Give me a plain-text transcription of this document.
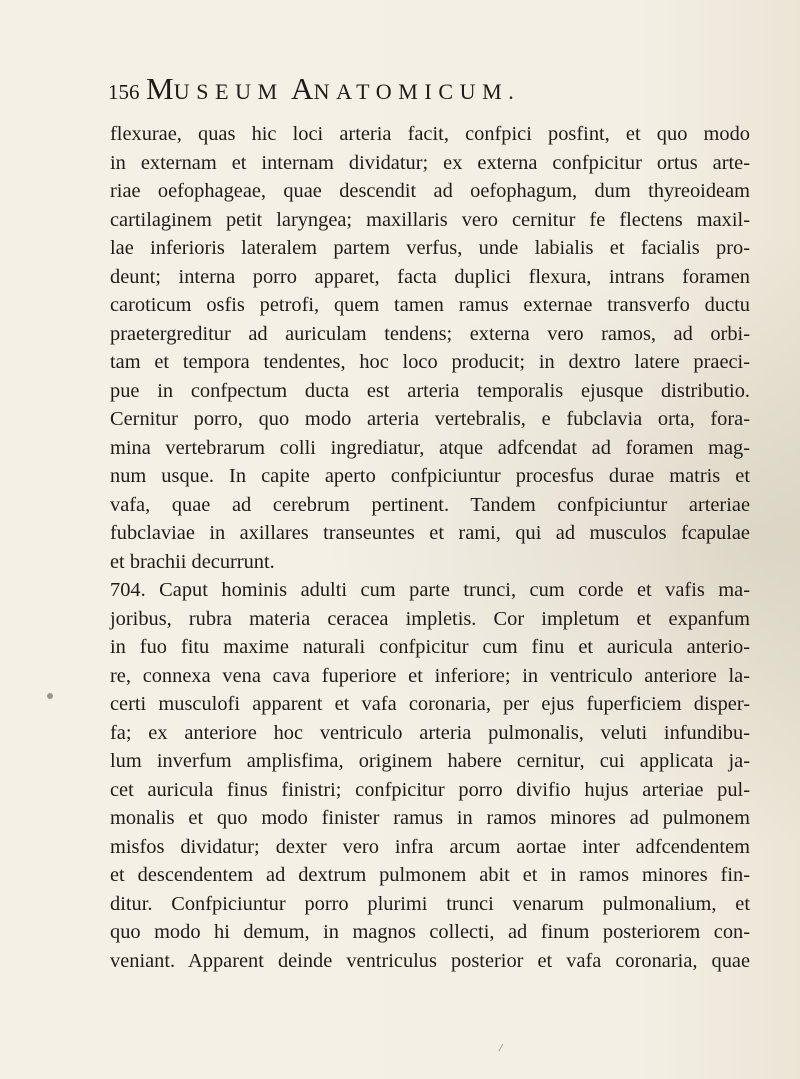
156 MUSEUM ANATOMICUM.
flexurae, quas hic loci arteria facit, confpici posfint, et quo modo
in externam et internam dividatur; ex externa confpicitur ortus arte-
riae oefophageae, quae descendit ad oefophagum, dum thyreoideam
cartilaginem petit laryngea; maxillaris vero cernitur fe flectens maxil-
lae inferioris lateralem partem verfus, unde labialis et facialis pro-
deunt; interna porro apparet, facta duplici flexura, intrans foramen
caroticum osfis petrofi, quem tamen ramus externae transverfo ductu
praetergreditur ad auriculam tendens; externa vero ramos, ad orbi-
tam et tempora tendentes, hoc loco producit; in dextro latere praeci-
pue in confpectum ducta est arteria temporalis ejusque distributio.
Cernitur porro, quo modo arteria vertebralis, e fubclavia orta, fora-
mina vertebrarum colli ingrediatur, atque adfcendat ad foramen mag-
num usque. In capite aperto confpiciuntur procesfus durae matris et
vafa, quae ad cerebrum pertinent. Tandem confpiciuntur arteriae
fubclaviae in axillares transeuntes et rami, qui ad musculos fcapulae
et brachii decurrunt.
704. Caput hominis adulti cum parte trunci, cum corde et vafis ma-
joribus, rubra materia ceracea impletis. Cor impletum et expanfum
in fuo fitu maxime naturali confpicitur cum finu et auricula anterio-
re, connexa vena cava fuperiore et inferiore; in ventriculo anteriore la-
certi musculofi apparent et vafa coronaria, per ejus fuperficiem disper-
fa; ex anteriore hoc ventriculo arteria pulmonalis, veluti infundibu-
lum inverfum amplisfima, originem habere cernitur, cui applicata ja-
cet auricula finus finistri; confpicitur porro divifio hujus arteriae pul-
monalis et quo modo finister ramus in ramos minores ad pulmonem
misfos dividatur; dexter vero infra arcum aortae inter adfcendentem
et descendentem ad dextrum pulmonem abit et in ramos minores fin-
ditur. Confpiciuntur porro plurimi trunci venarum pulmonalium, et
quo modo hi demum, in magnos collecti, ad finum posteriorem con-
veniant. Apparent deinde ventriculus posterior et vafa coronaria, quae
